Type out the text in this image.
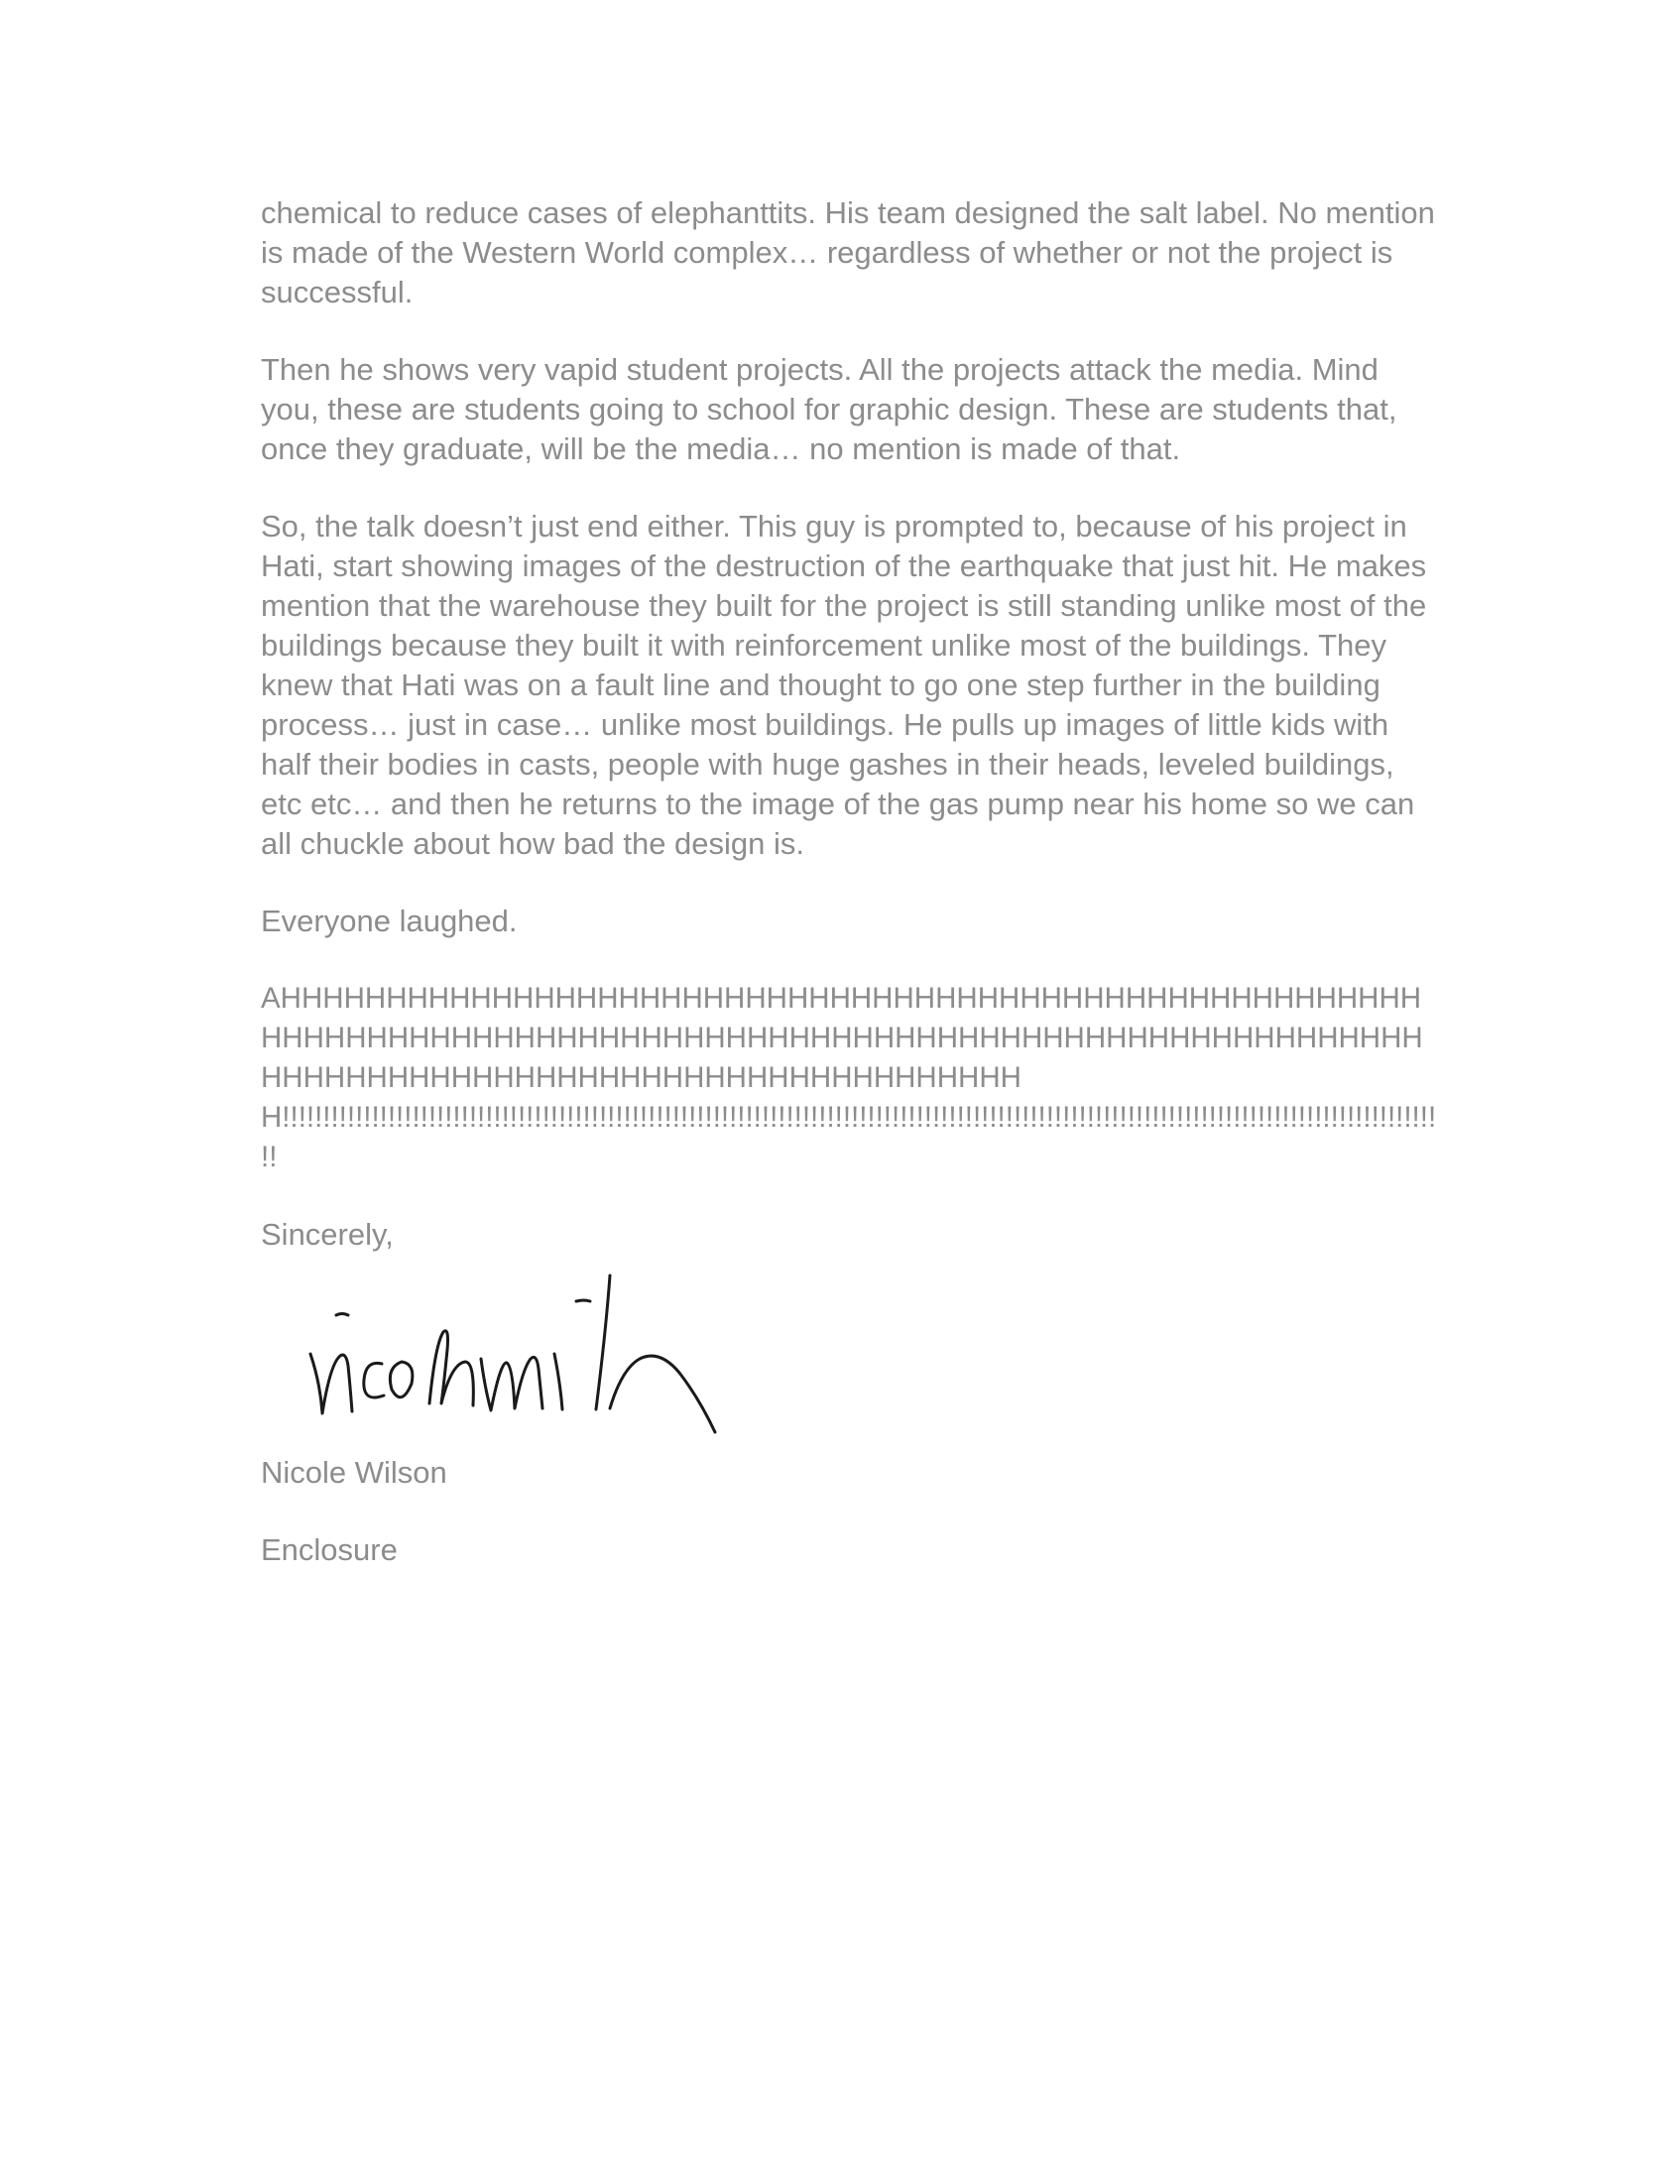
chemical to reduce cases of elephanttits. His team designed the salt label. No mention is made of the Western World complex… regardless of whether or not the project is successful.

Then he shows very vapid student projects. All the projects attack the media. Mind you, these are students going to school for graphic design. These are students that, once they graduate, will be the media… no mention is made of that.

So, the talk doesn’t just end either. This guy is prompted to, because of his project in Hati, start showing images of the destruction of the earthquake that just hit. He makes mention that the warehouse they built for the project is still standing unlike most of the buildings because they built it with reinforcement unlike most of the buildings. They knew that Hati was on a fault line and thought to go one step further in the building process… just in case… unlike most buildings. He pulls up images of little kids with half their bodies in casts, people with huge gashes in their heads, leveled buildings, etc etc… and then he returns to the image of the gas pump near his home so we can all chuckle about how bad the design is.

Everyone laughed.

AHHHHHHHHHHHHHHHHHHHHHHHHHHHHHHHHHHHHHHHHHHHHHHHHHHHHHHHHHHHHHHHHHHHHHHHHHHHHHHHHHHHHHHHHHHHHHHHHHHHHHHHHHHHHHHHHHHHHHHHHHHHHHHHHHHHHHHHHHHHHHHHHHH!!!!!!!!!!!!!!!!!!!!!!!!!!!!!!!!!!!!!!!!!!!!!!!!!!!!!!!!!!!!!!!!!!!!!!!!!!!!!!!!!!!!!!!!!!!!!!!!!!!!!!!!!!!!!!!!!!!!!!!!!!!!!!!!!!!!!!!!!!!!!!!!

Sincerely,

Nicole Wilson

Enclosure
